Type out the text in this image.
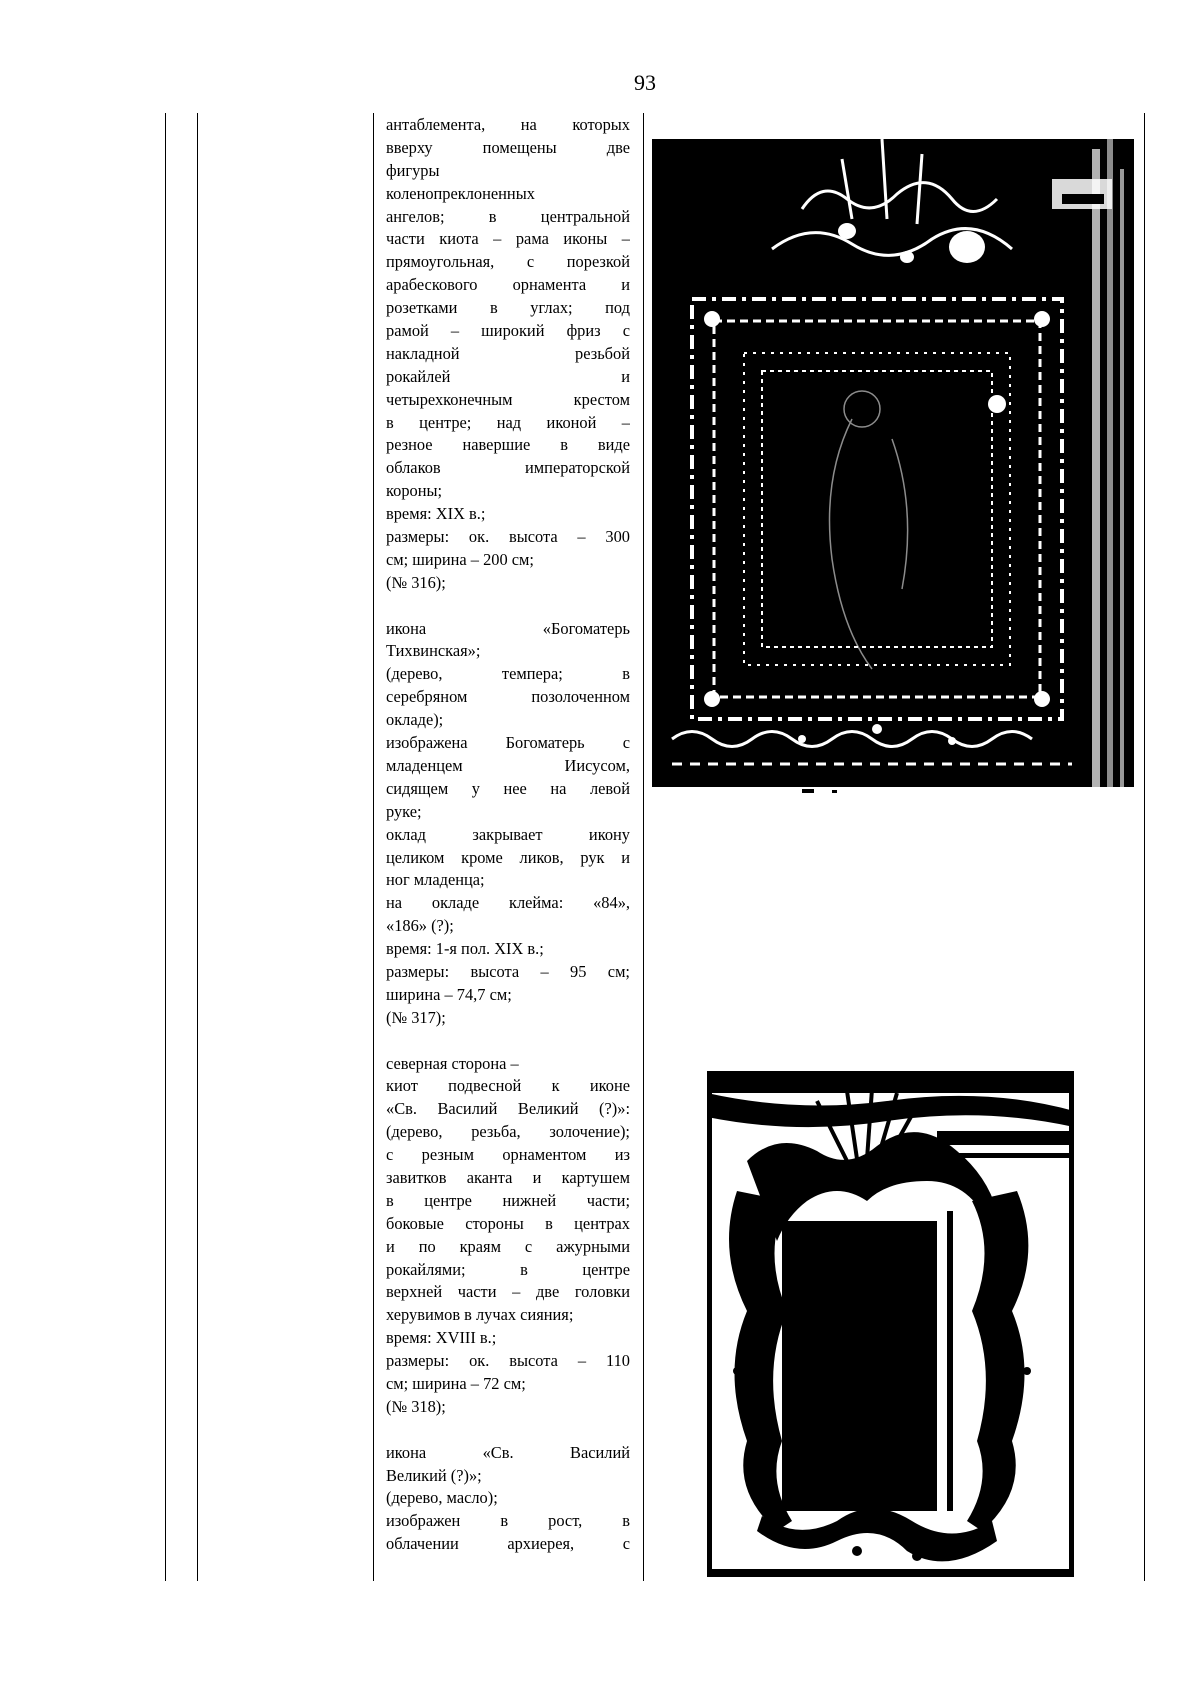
93
антаблемента, на которых
вверху помещены две
фигуры
коленопреклоненных
ангелов; в центральной
части киота – рама иконы –
прямоугольная, с порезкой
арабескового орнамента и
розетками в углах; под
рамой – широкий фриз с
накладной резьбой
рокайлей и
четырехконечным крестом
в центре; над иконой –
резное навершие в виде
облаков императорской
короны;
время: XIX в.;
размеры: ок. высота – 300
см; ширина – 200 см;
(№ 316);
икона «Богоматерь
Тихвинская»;
(дерево, темпера; в
серебряном позолоченном
окладе);
изображена Богоматерь с
младенцем Иисусом,
сидящем у нее на левой
руке;
оклад закрывает икону
целиком кроме ликов, рук и
ног младенца;
на окладе клейма: «84»,
«186» (?);
время: 1-я пол. XIX в.;
размеры: высота – 95 см;
ширина – 74,7 см;
(№ 317);
северная сторона –
киот подвесной к иконе
«Св. Василий Великий (?)»:
(дерево, резьба, золочение);
с резным орнаментом из
завитков аканта и картушем
в центре нижней части;
боковые стороны в центрах
и по краям с ажурными
рокайлями; в центре
верхней части – две головки
херувимов в лучах сияния;
время: XVIII в.;
размеры: ок. высота – 110
см; ширина – 72 см;
(№ 318);
икона «Св. Василий
Великий (?)»;
(дерево, масло);
изображен в рост, в
облачении архиерея, с
